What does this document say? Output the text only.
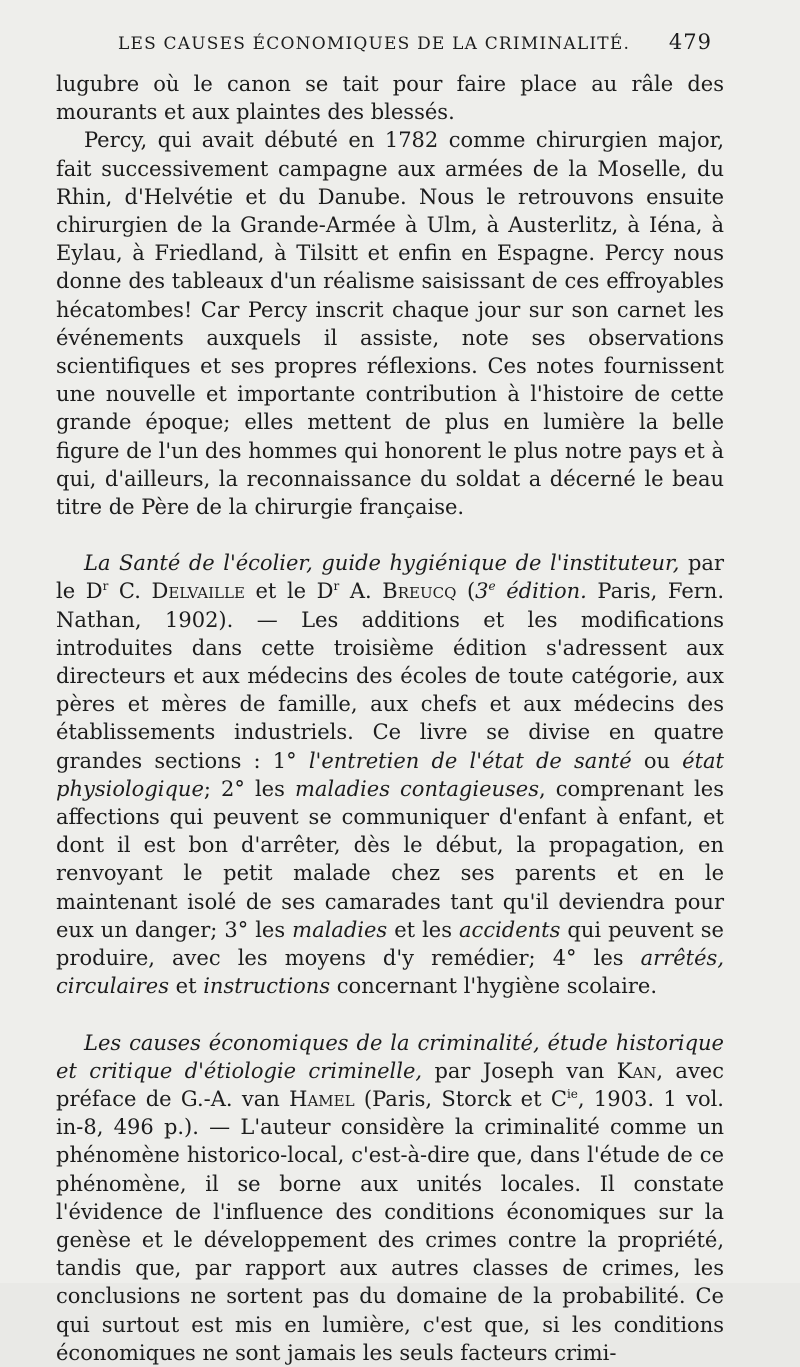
LES CAUSES ÉCONOMIQUES DE LA CRIMINALITÉ. 479

lugubre où le canon se tait pour faire place au râle des mourants et aux plaintes des blessés.

Percy, qui avait débuté en 1782 comme chirurgien major, fait successivement campagne aux armées de la Moselle, du Rhin, d'Helvétie et du Danube. Nous le retrouvons ensuite chirurgien de la Grande-Armée à Ulm, à Austerlitz, à Iéna, à Eylau, à Friedland, à Tilsitt et enfin en Espagne. Percy nous donne des tableaux d'un réalisme saisissant de ces effroyables hécatombes! Car Percy inscrit chaque jour sur son carnet les événements auxquels il assiste, note ses observations scientifiques et ses propres réflexions. Ces notes fournissent une nouvelle et importante contribution à l'histoire de cette grande époque; elles mettent de plus en lumière la belle figure de l'un des hommes qui honorent le plus notre pays et à qui, d'ailleurs, la reconnaissance du soldat a décerné le beau titre de Père de la chirurgie française.

La Santé de l'écolier, guide hygiénique de l'instituteur, par le $D^r$ C. Delvaille et le $D^r$ A. Breucq (3e édition. Paris, Fern. Nathan, 1902). — Les additions et les modifications introduites dans cette troisième édition s'adressent aux directeurs et aux médecins des écoles de toute catégorie, aux pères et mères de famille, aux chefs et aux médecins des établissements industriels. Ce livre se divise en quatre grandes sections : 1° l'entretien de l'état de santé ou état physiologique; 2° les maladies contagieuses, comprenant les affections qui peuvent se communiquer d'enfant à enfant, et dont il est bon d'arrêter, dès le début, la propagation, en renvoyant le petit malade chez ses parents et en le maintenant isolé de ses camarades tant qu'il deviendra pour eux un danger; 3° les maladies et les accidents qui peuvent se produire, avec les moyens d'y remédier; 4° les arrêtés, circulaires et instructions concernant l'hygiène scolaire.

Les causes économiques de la criminalité, étude historique et critique d'étiologie criminelle, par Joseph van Kan, avec préface de G.-A. van Hamel (Paris, Storck et $C^{ie}$, 1903. 1 vol. in-8, 496 p.). — L'auteur considère la criminalité comme un phénomène historico-local, c'est-à-dire que, dans l'étude de ce phénomène, il se borne aux unités locales. Il constate l'évidence de l'influence des conditions économiques sur la genèse et le développement des crimes contre la propriété, tandis que, par rapport aux autres classes de crimes, les conclusions ne sortent pas du domaine de la probabilité. Ce qui surtout est mis en lumière, c'est que, si les conditions économiques ne sont jamais les seuls facteurs crimi-
